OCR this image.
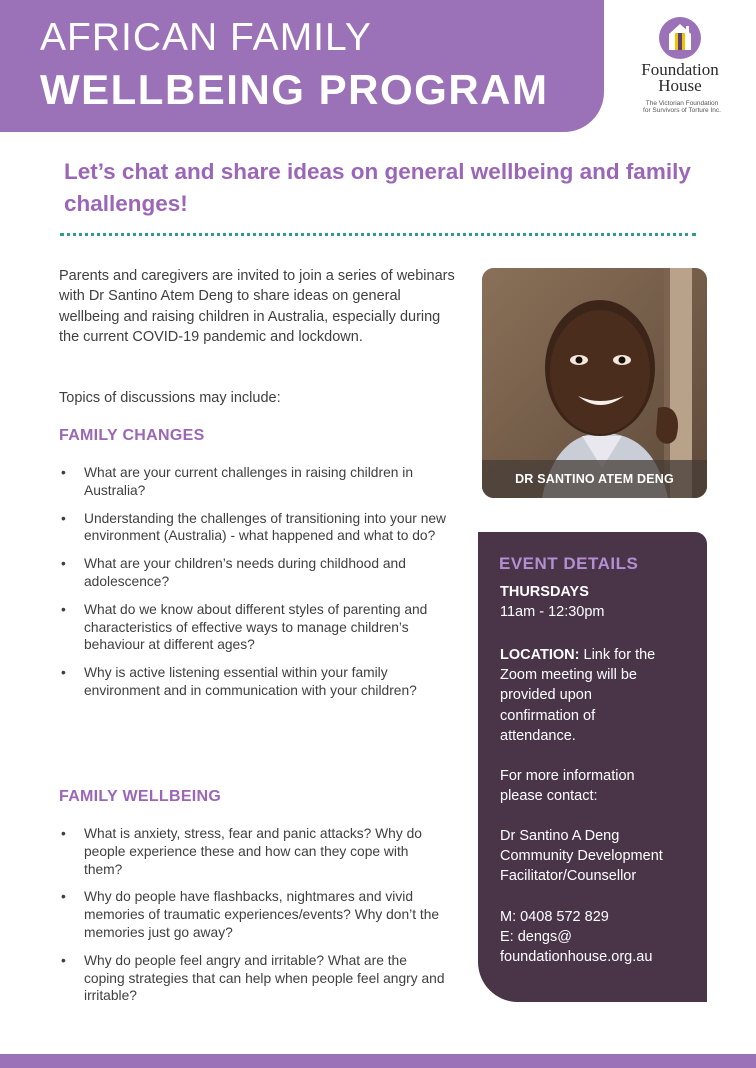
AFRICAN FAMILY
WELLBEING PROGRAM	Foundation
House
The Victorian Foundation
for Survivors of Torture Inc.
Let’s chat and share ideas on general wellbeing and family challenges!
Parents and caregivers are invited to join a series of webinars with Dr Santino Atem Deng to share ideas on general wellbeing and raising children in Australia, especially during the current COVID-19 pandemic and lockdown.
Topics of discussions may include:
FAMILY CHANGES
• What are your current challenges in raising children in Australia?
• Understanding the challenges of transitioning into your new environment (Australia) - what happened and what to do?
• What are your children’s needs during childhood and adolescence?
• What do we know about different styles of parenting and characteristics of effective ways to manage children’s behaviour at different ages?
• Why is active listening essential within your family environment and in communication with your children?
FAMILY WELLBEING
• What is anxiety, stress, fear and panic attacks? Why do people experience these and how can they cope with them?
• Why do people have flashbacks, nightmares and vivid memories of traumatic experiences/events? Why don’t the memories just go away?
• Why do people feel angry and irritable? What are the coping strategies that can help when people feel angry and irritable?
DR SANTINO ATEM DENG
EVENT DETAILS
THURSDAYS
11am - 12:30pm
LOCATION: Link for the Zoom meeting will be provided upon confirmation of attendance.
For more information please contact:
Dr Santino A Deng
Community Development
Facilitator/Counsellor
M: 0408 572 829
E: dengs@
foundationhouse.org.au
